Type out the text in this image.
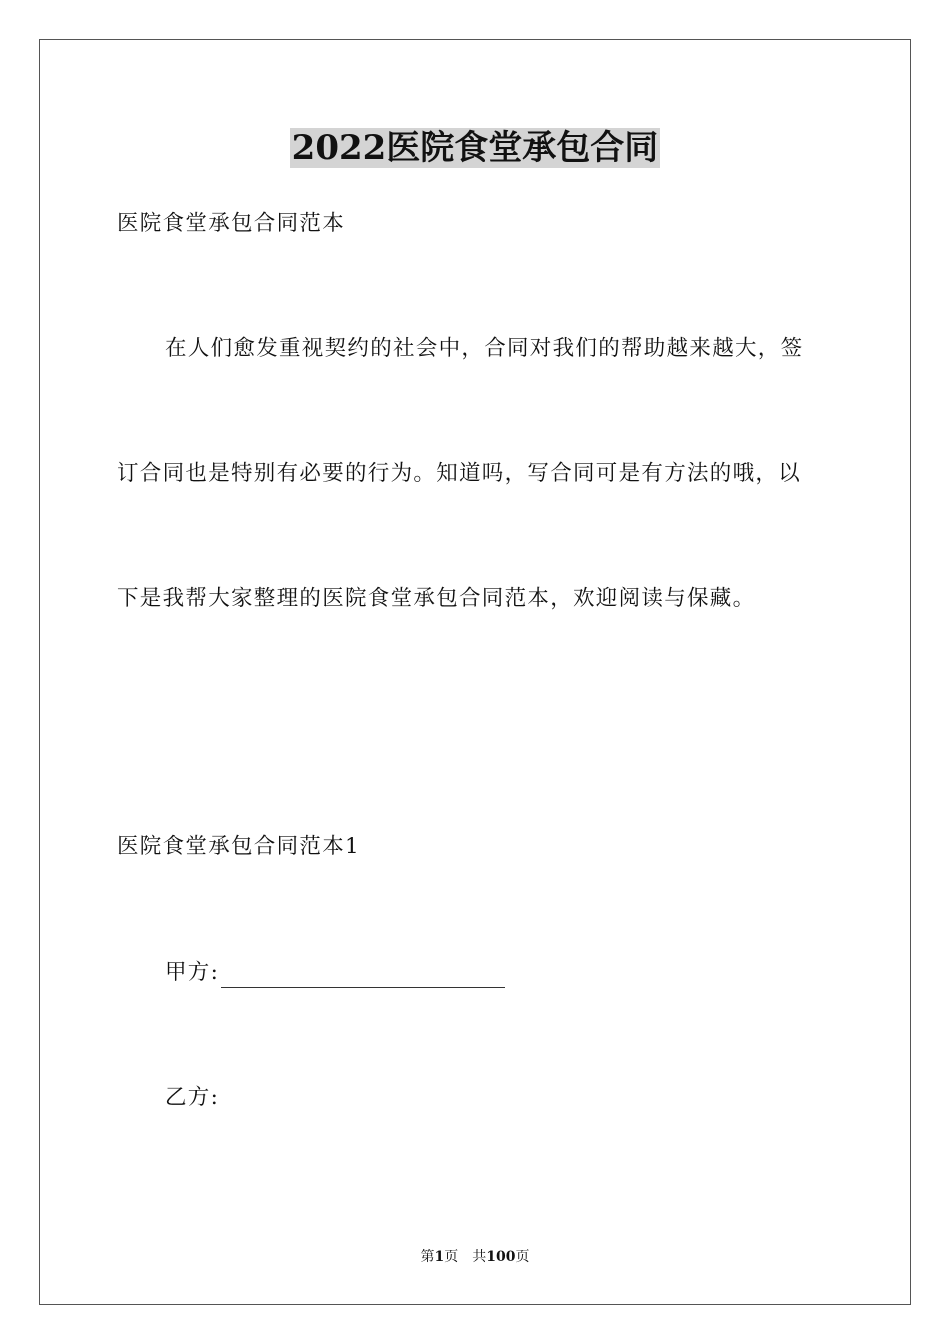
2022医院食堂承包合同

医院食堂承包合同范本

在人们愈发重视契约的社会中，合同对我们的帮助越来越大，签

订合同也是特别有必要的行为。知道吗，写合同可是有方法的哦，以

下是我帮大家整理的医院食堂承包合同范本，欢迎阅读与保藏。

医院食堂承包合同范本1

甲方:

乙方:

第1页 共100页
